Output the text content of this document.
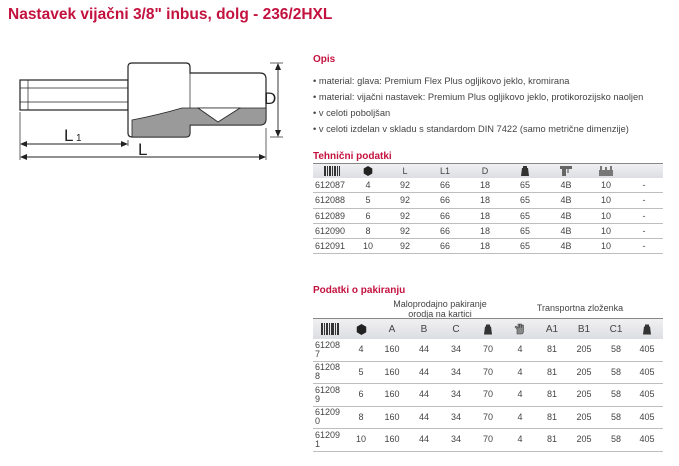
Nastavek vijačni 3/8" inbus, dolg - 236/2HXL
D
L 1
L
Opis
• material: glava: Premium Flex Plus ogljikovo jeklo, kromirana
• material: vijačni nastavek: Premium Plus ogljikovo jeklo, protikorozijsko naoljen
• v celoti poboljšan
• v celoti izdelan v skladu s standardom DIN 7422 (samo metrične dimenzije)
Tehnični podatki
		L	L1	D				
612087	4	92	66	18	65	4B	10	-
612088	5	92	66	18	65	4B	10	-
612089	6	92	66	18	65	4B	10	-
612090	8	92	66	18	65	4B	10	-
612091	10	92	66	18	65	4B	10	-
Podatki o pakiranju
Maloprodajno pakiranje
orodja na kartici
Transportna zloženka
		A	B	C			A1	B1	C1	
61208
7	4	160	44	34	70	4	81	205	58	405
61208
8	5	160	44	34	70	4	81	205	58	405
61208
9	6	160	44	34	70	4	81	205	58	405
61209
0	8	160	44	34	70	4	81	205	58	405
61209
1	10	160	44	34	70	4	81	205	58	405
